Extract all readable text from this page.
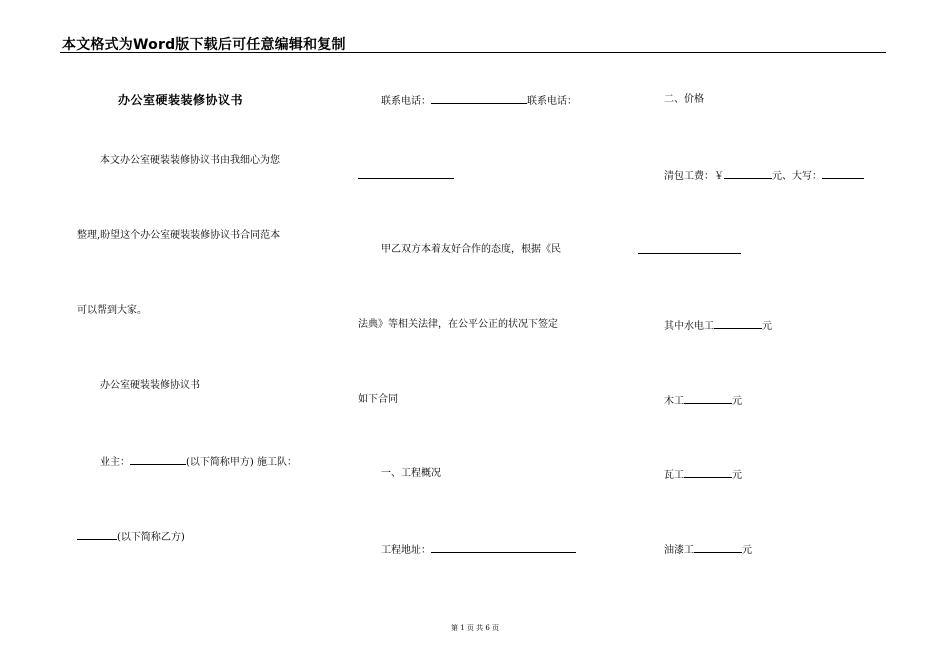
本文格式为Word版下载后可任意编辑和复制
办公室硬装装修协议书
本文办公室硬装装修协议书由我细心为您
整理,盼望这个办公室硬装装修协议书合同范本
可以帮到大家。
办公室硬装装修协议书
业主：	(以下简称甲方) 施工队：
(以下简称乙方)
联系电话：	联系电话：
甲乙双方本着友好合作的态度，根据《民
法典》等相关法律，在公平公正的状况下签定
如下合同
一、工程概况
工程地址：
二、价格
清包工费：￥	元、大写：
其中水电工	元
木工	元
瓦工	元
油漆工	元
第 1 页 共 6 页
